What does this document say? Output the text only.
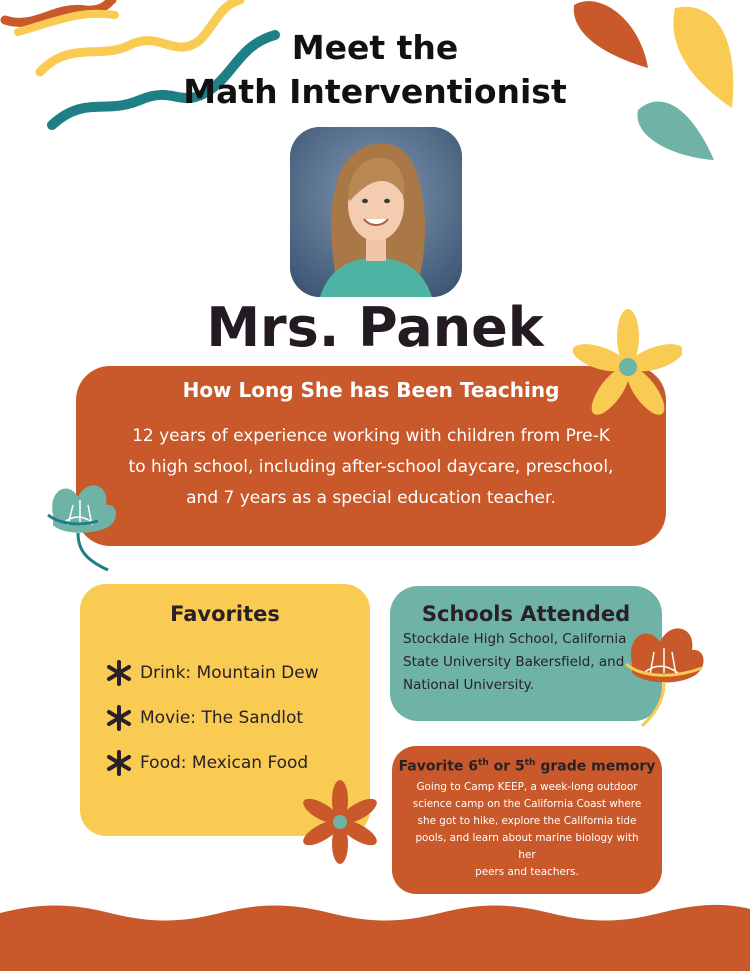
Meet the
Math Interventionist
Mrs. Panek
How Long She has Been Teaching

12 years of experience working with children from Pre-K
to high school, including after-school daycare, preschool,
and 7 years as a special education teacher.

Favorites
Drink: Mountain Dew
Movie: The Sandlot
Food: Mexican Food
Schools Attended

Stockdale High School, California
State University Bakersfield, and
National University.

Favorite 6th or 5th grade memory

Going to Camp KEEP, a week-long outdoor
science camp on the California Coast where
she got to hike, explore the California tide
pools, and learn about marine biology with her
peers and teachers.
